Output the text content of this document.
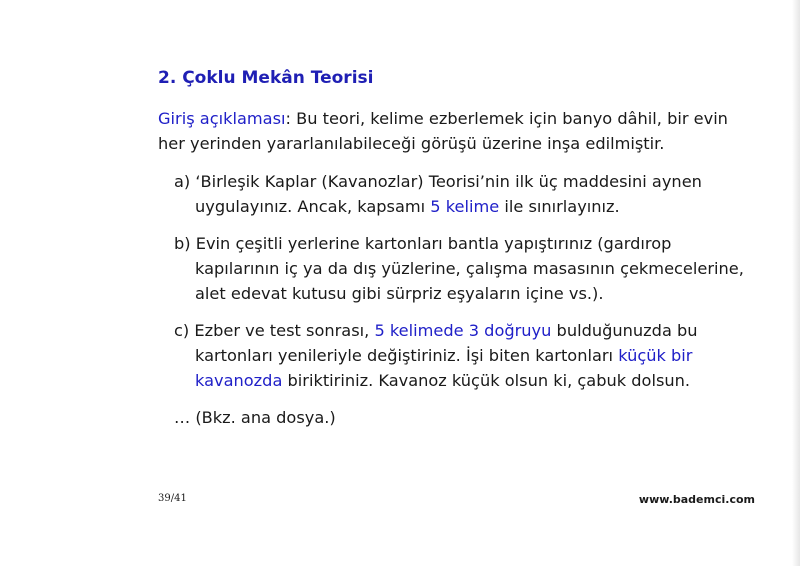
2. Çoklu Mekân Teorisi
Giriş açıklaması: Bu teori, kelime ezberlemek için banyo dâhil, bir evin
her yerinden yararlanılabileceği görüşü üzerine inşa edilmiştir.
a) ‘Birleşik Kaplar (Kavanozlar) Teorisi’nin ilk üç maddesini aynen
uygulayınız. Ancak, kapsamı 5 kelime ile sınırlayınız.
b) Evin çeşitli yerlerine kartonları bantla yapıştırınız (gardırop
kapılarının iç ya da dış yüzlerine, çalışma masasının çekmecelerine,
alet edevat kutusu gibi sürpriz eşyaların içine vs.).
c) Ezber ve test sonrası, 5 kelimede 3 doğruyu bulduğunuzda bu
kartonları yenileriyle değiştiriniz. İşi biten kartonları küçük bir
kavanozda biriktiriniz. Kavanoz küçük olsun ki, çabuk dolsun.
… (Bkz. ana dosya.)
39/41	www.bademci.com
